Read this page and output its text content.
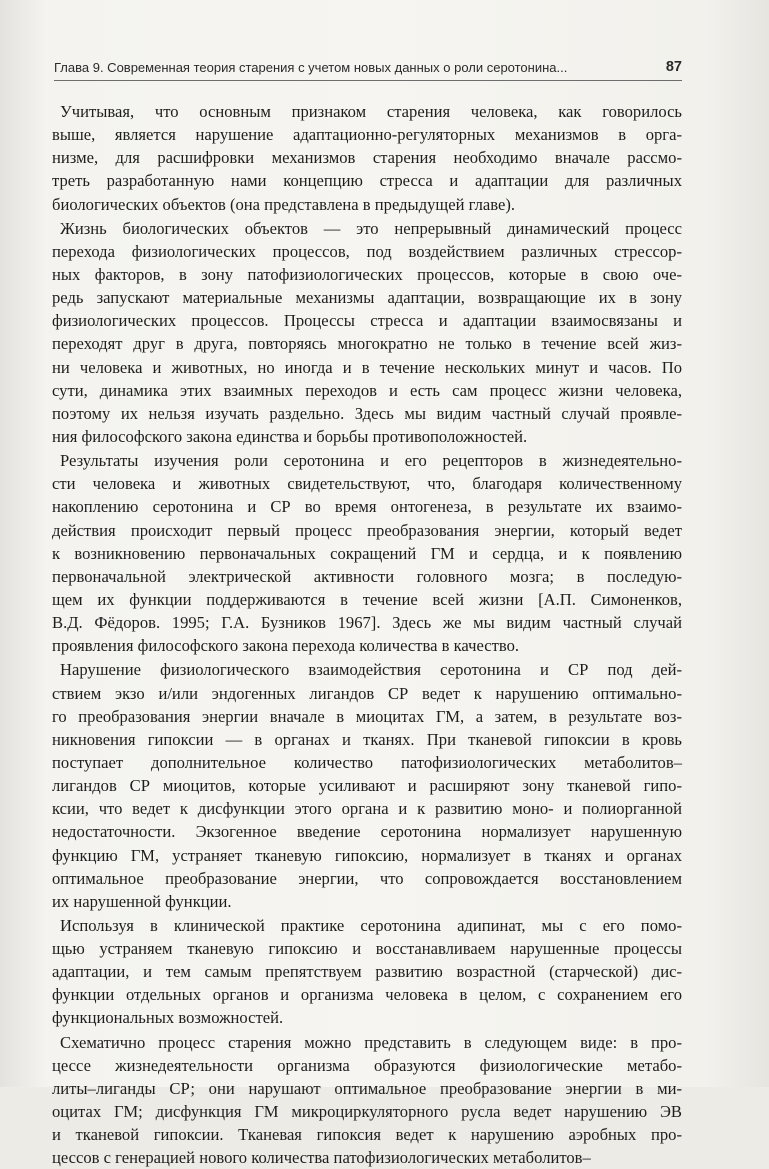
Глава 9. Современная теория старения с учетом новых данных о роли серотонина...	87

Учитывая, что основным признаком старения человека, как говорилось
выше, является нарушение адаптационно-регуляторных механизмов в орга-
низме, для расшифровки механизмов старения необходимо вначале рассмо-
треть разработанную нами концепцию стресса и адаптации для различных
биологических объектов (она представлена в предыдущей главе).

Жизнь биологических объектов — это непрерывный динамический процесс
перехода физиологических процессов, под воздействием различных стрессор-
ных факторов, в зону патофизиологических процессов, которые в свою оче-
редь запускают материальные механизмы адаптации, возвращающие их в зону
физиологических процессов. Процессы стресса и адаптации взаимосвязаны и
переходят друг в друга, повторяясь многократно не только в течение всей жиз-
ни человека и животных, но иногда и в течение нескольких минут и часов. По
сути, динамика этих взаимных переходов и есть сам процесс жизни человека,
поэтому их нельзя изучать раздельно. Здесь мы видим частный случай проявле-
ния философского закона единства и борьбы противоположностей.

Результаты изучения роли серотонина и его рецепторов в жизнедеятельно-
сти человека и животных свидетельствуют, что, благодаря количественному
накоплению серотонина и СР во время онтогенеза, в результате их взаимо-
действия происходит первый процесс преобразования энергии, который ведет
к возникновению первоначальных сокращений ГМ и сердца, и к появлению
первоначальной электрической активности головного мозга; в последую-
щем их функции поддерживаются в течение всей жизни [А.П. Симоненков,
В.Д. Фёдоров. 1995; Г.А. Бузников 1967]. Здесь же мы видим частный случай
проявления философского закона перехода количества в качество.

Нарушение физиологического взаимодействия серотонина и СР под дей-
ствием экзо и/или эндогенных лигандов СР ведет к нарушению оптимально-
го преобразования энергии вначале в миоцитах ГМ, а затем, в результате воз-
никновения гипоксии — в органах и тканях. При тканевой гипоксии в кровь
поступает дополнительное количество патофизиологических метаболитов–
лигандов СР миоцитов, которые усиливают и расширяют зону тканевой гипо-
ксии, что ведет к дисфункции этого органа и к развитию моно- и полиорганной
недостаточности. Экзогенное введение серотонина нормализует нарушенную
функцию ГМ, устраняет тканевую гипоксию, нормализует в тканях и органах
оптимальное преобразование энергии, что сопровождается восстановлением
их нарушенной функции.

Используя в клинической практике серотонина адипинат, мы с его помо-
щью устраняем тканевую гипоксию и восстанавливаем нарушенные процессы
адаптации, и тем самым препятствуем развитию возрастной (старческой) дис-
функции отдельных органов и организма человека в целом, с сохранением его
функциональных возможностей.

Схематично процесс старения можно представить в следующем виде: в про-
цессе жизнедеятельности организма образуются физиологические метабо-
литы–лиганды СР; они нарушают оптимальное преобразование энергии в ми-
оцитах ГМ; дисфункция ГМ микроциркуляторного русла ведет нарушению ЭВ
и тканевой гипоксии. Тканевая гипоксия ведет к нарушению аэробных про-
цессов с генерацией нового количества патофизиологических метаболитов–
